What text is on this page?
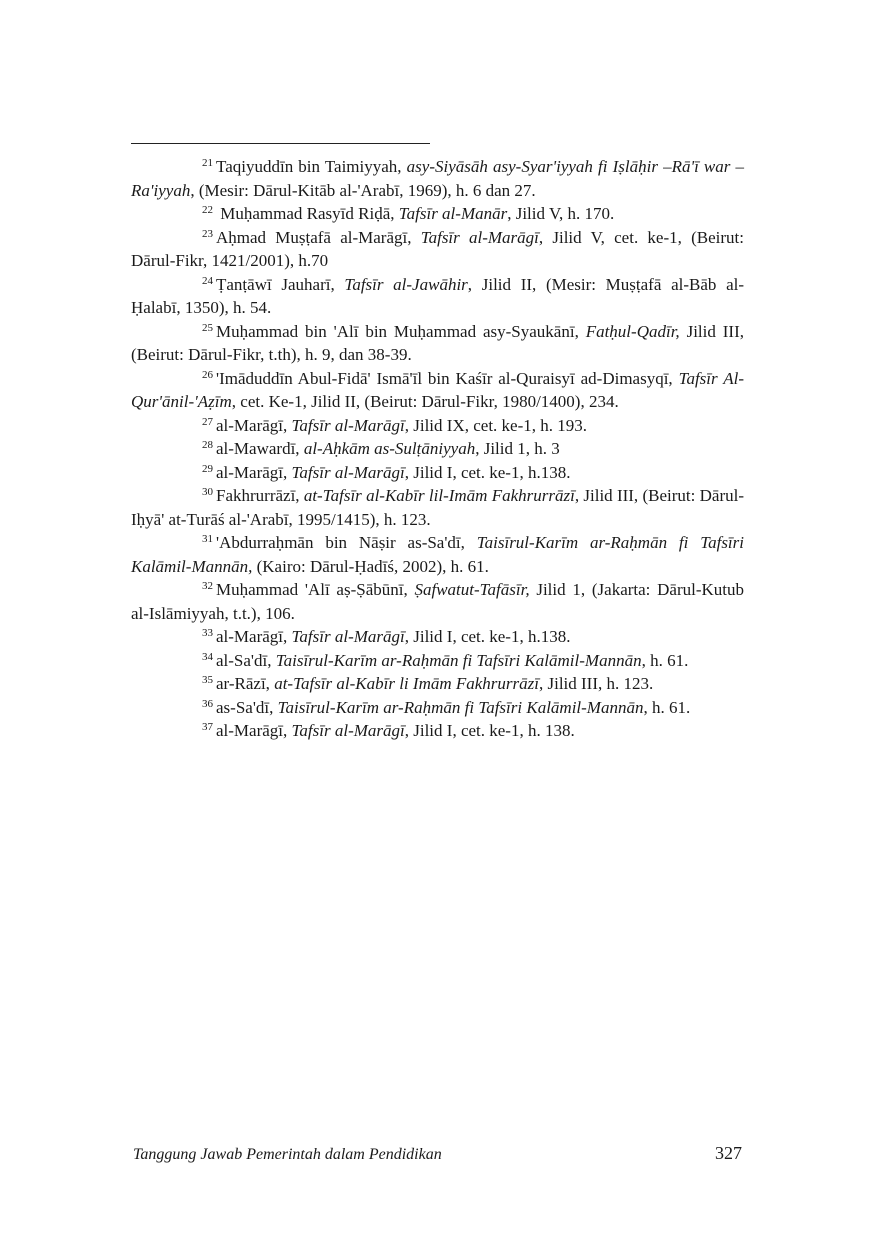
$^{21}$ Taqiyuddīn bin Taimiyyah, asy-Siyāsāh asy-Syar'iyyah fi Iṣlāḥir –Rā'ī war –Ra'iyyah, (Mesir: Dārul-Kitāb al-'Arabī, 1969), h. 6 dan 27.

$^{22}$ Muḥammad Rasyīd Riḍā, Tafsīr al-Manār, Jilid V, h. 170.

$^{23}$ Aḥmad Muṣṭafā al-Marāgī, Tafsīr al-Marāgī, Jilid V, cet. ke-1, (Beirut: Dārul-Fikr, 1421/2001), h.70

$^{24}$ Ṭanṭāwī Jauharī, Tafsīr al-Jawāhir, Jilid II, (Mesir: Muṣṭafā al-Bāb al-Ḥalabī, 1350), h. 54.

$^{25}$ Muḥammad bin 'Alī bin Muḥammad asy-Syaukānī, Fatḥul-Qadīr, Jilid III, (Beirut: Dārul-Fikr, t.th), h. 9, dan 38-39.

$^{26}$ 'Imāduddīn Abul-Fidā' Ismā'īl bin Kaśīr al-Quraisyī ad-Dimasyqī, Tafsīr Al-Qur'ānil-'Aẓīm, cet. Ke-1, Jilid II, (Beirut: Dārul-Fikr, 1980/1400), 234.

$^{27}$ al-Marāgī, Tafsīr al-Marāgī, Jilid IX, cet. ke-1, h. 193.

$^{28}$ al-Mawardī, al-Aḥkām as-Sulṭāniyyah, Jilid 1, h. 3

$^{29}$ al-Marāgī, Tafsīr al-Marāgī, Jilid I, cet. ke-1, h.138.

$^{30}$ Fakhrurrāzī, at-Tafsīr al-Kabīr lil-Imām Fakhrurrāzī, Jilid III, (Beirut: Dārul-Iḥyā' at-Turāś al-'Arabī, 1995/1415), h. 123.

$^{31}$ 'Abdurraḥmān bin Nāṣir as-Sa'dī, Taisīrul-Karīm ar-Raḥmān fi Tafsīri Kalāmil-Mannān, (Kairo: Dārul-Ḥadīś, 2002), h. 61.

$^{32}$ Muḥammad 'Alī aṣ-Ṣābūnī, Ṣafwatut-Tafāsīr, Jilid 1, (Jakarta: Dārul-Kutub al-Islāmiyyah, t.t.), 106.

$^{33}$ al-Marāgī, Tafsīr al-Marāgī, Jilid I, cet. ke-1, h.138.

$^{34}$ al-Sa'dī, Taisīrul-Karīm ar-Raḥmān fi Tafsīri Kalāmil-Mannān, h. 61.

$^{35}$ ar-Rāzī, at-Tafsīr al-Kabīr li Imām Fakhrurrāzī, Jilid III, h. 123.

$^{36}$ as-Sa'dī, Taisīrul-Karīm ar-Raḥmān fi Tafsīri Kalāmil-Mannān, h. 61.

$^{37}$ al-Marāgī, Tafsīr al-Marāgī, Jilid I, cet. ke-1, h. 138.

Tanggung Jawab Pemerintah dalam Pendidikan	327
